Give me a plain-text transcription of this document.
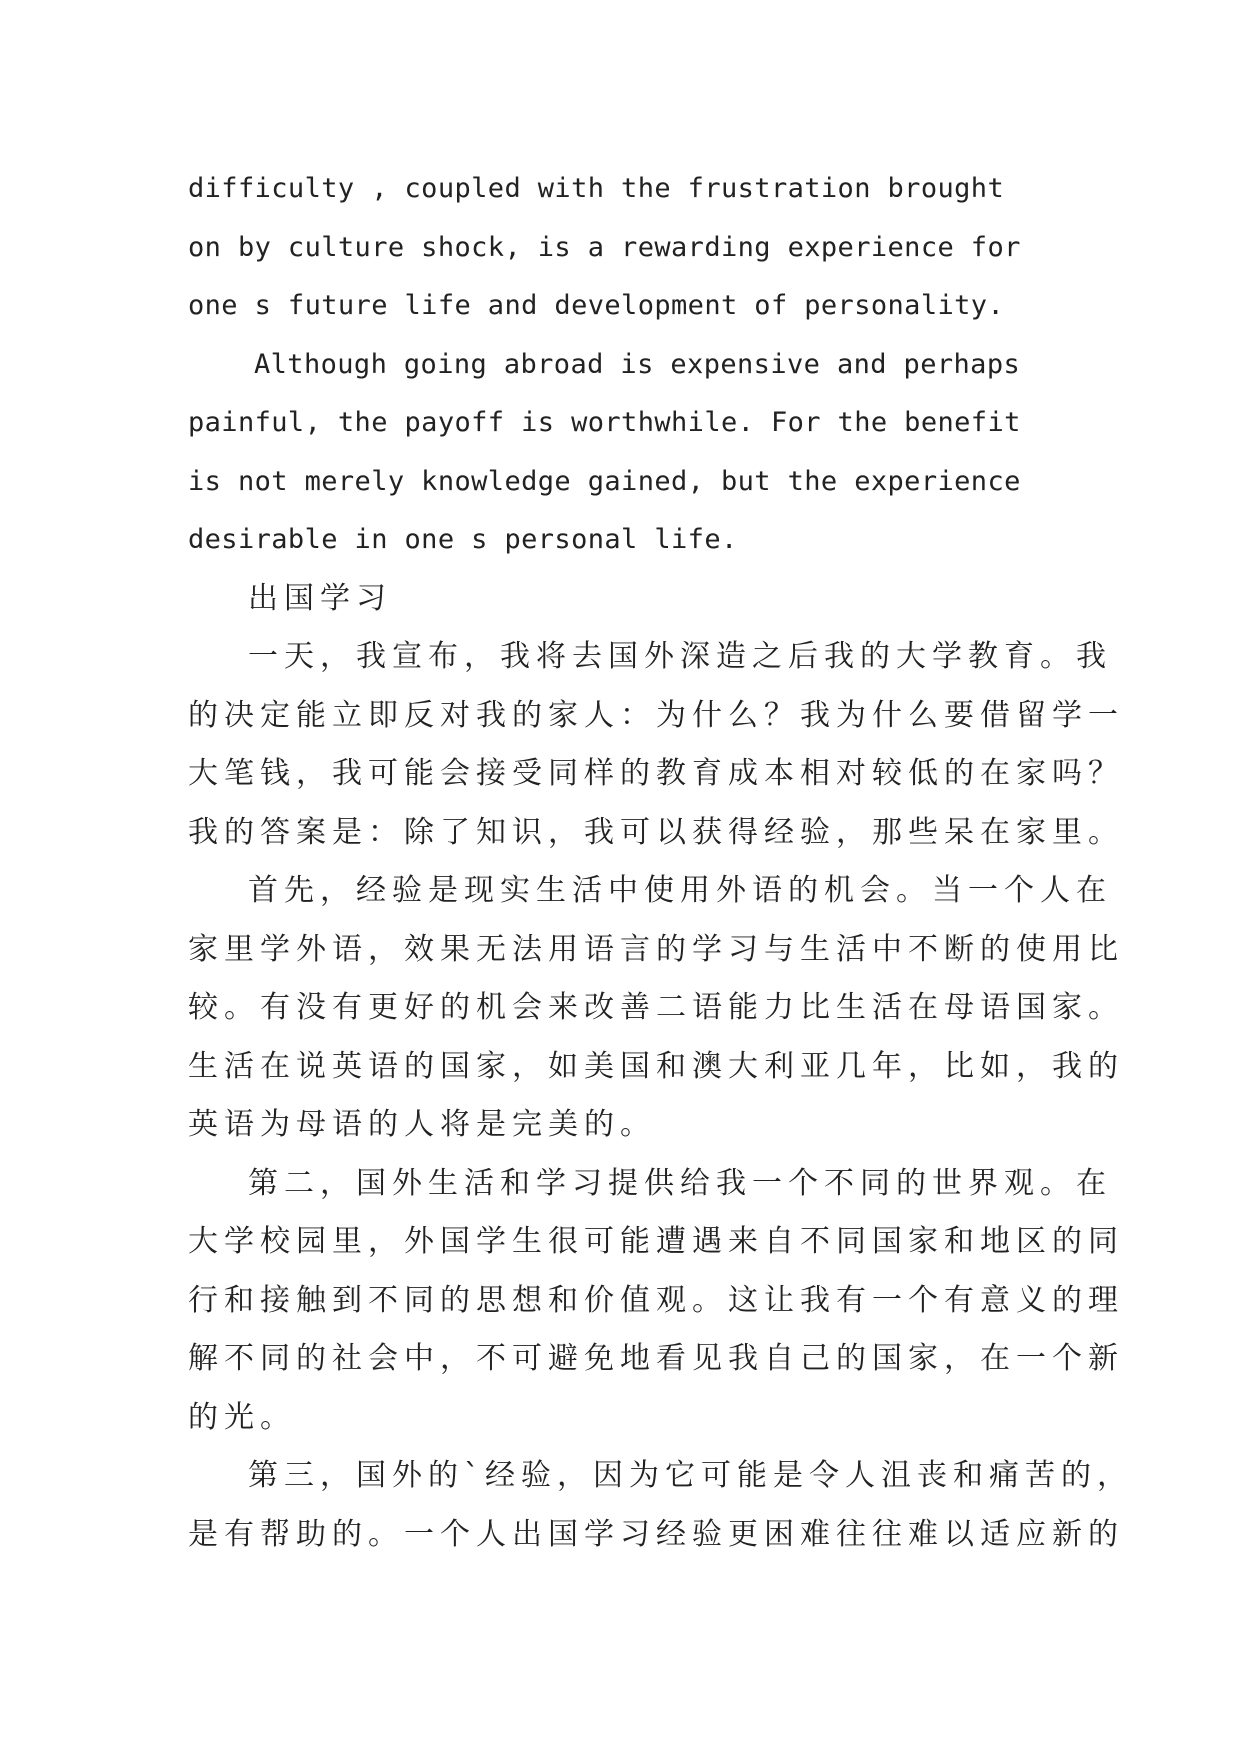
difficulty , coupled with the frustration brought
on by culture shock, is a rewarding experience for
one s future life and development of personality.

Although going abroad is expensive and perhaps
painful, the payoff is worthwhile. For the benefit
is not merely knowledge gained, but the experience
desirable in one s personal life.

出国学习

一天，我宣布，我将去国外深造之后我的大学教育。我
的决定能立即反对我的家人：为什么？我为什么要借留学一
大笔钱，我可能会接受同样的教育成本相对较低的在家吗？
我的答案是：除了知识，我可以获得经验，那些呆在家里。

首先，经验是现实生活中使用外语的机会。当一个人在
家里学外语，效果无法用语言的学习与生活中不断的使用比
较。有没有更好的机会来改善二语能力比生活在母语国家。
生活在说英语的国家，如美国和澳大利亚几年，比如，我的
英语为母语的人将是完美的。

第二，国外生活和学习提供给我一个不同的世界观。在
大学校园里，外国学生很可能遭遇来自不同国家和地区的同
行和接触到不同的思想和价值观。这让我有一个有意义的理
解不同的社会中，不可避免地看见我自己的国家，在一个新
的光。

第三，国外的`经验，因为它可能是令人沮丧和痛苦的，
是有帮助的。一个人出国学习经验更困难往往难以适应新的
